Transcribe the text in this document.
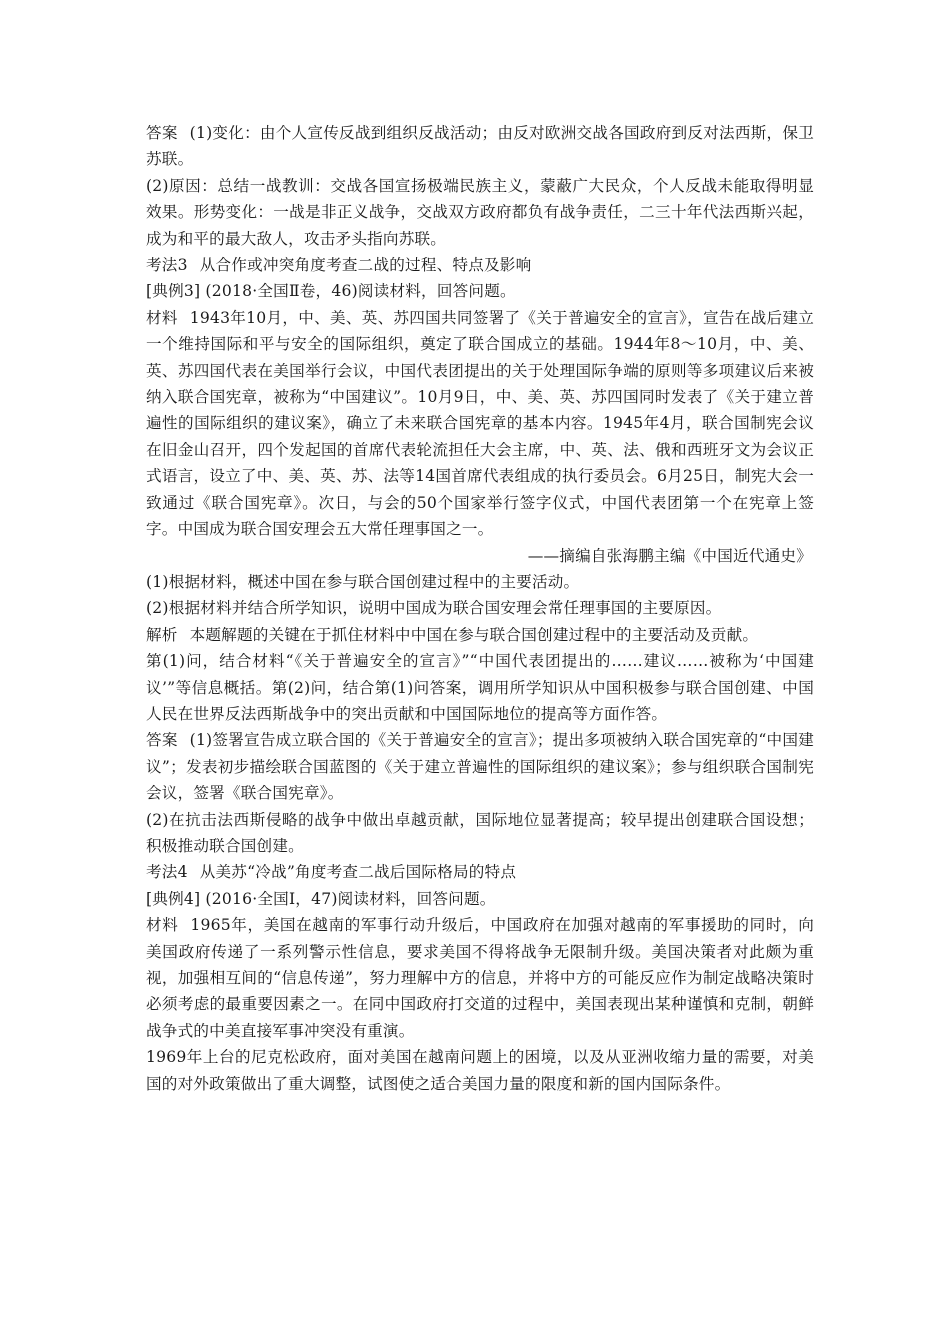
答案 (1)变化：由个人宣传反战到组织反战活动；由反对欧洲交战各国政府到反对法西斯，保卫苏联。

(2)原因：总结一战教训：交战各国宣扬极端民族主义，蒙蔽广大民众，个人反战未能取得明显效果。形势变化：一战是非正义战争，交战双方政府都负有战争责任，二三十年代法西斯兴起，成为和平的最大敌人，攻击矛头指向苏联。

考法3 从合作或冲突角度考查二战的过程、特点及影响

[典例3] (2018·全国Ⅱ卷，46)阅读材料，回答问题。

材料 1943年10月，中、美、英、苏四国共同签署了《关于普遍安全的宣言》，宣告在战后建立一个维持国际和平与安全的国际组织，奠定了联合国成立的基础。1944年8～10月，中、美、英、苏四国代表在美国举行会议，中国代表团提出的关于处理国际争端的原则等多项建议后来被纳入联合国宪章，被称为“中国建议”。10月9日，中、美、英、苏四国同时发表了《关于建立普遍性的国际组织的建议案》，确立了未来联合国宪章的基本内容。1945年4月，联合国制宪会议在旧金山召开，四个发起国的首席代表轮流担任大会主席，中、英、法、俄和西班牙文为会议正式语言，设立了中、美、英、苏、法等14国首席代表组成的执行委员会。6月25日，制宪大会一致通过《联合国宪章》。次日，与会的50个国家举行签字仪式，中国代表团第一个在宪章上签字。中国成为联合国安理会五大常任理事国之一。

——摘编自张海鹏主编《中国近代通史》

(1)根据材料，概述中国在参与联合国创建过程中的主要活动。

(2)根据材料并结合所学知识，说明中国成为联合国安理会常任理事国的主要原因。

解析 本题解题的关键在于抓住材料中中国在参与联合国创建过程中的主要活动及贡献。

第(1)问，结合材料“《关于普遍安全的宣言》”“中国代表团提出的……建议……被称为‘中国建议’”等信息概括。第(2)问，结合第(1)问答案，调用所学知识从中国积极参与联合国创建、中国人民在世界反法西斯战争中的突出贡献和中国国际地位的提高等方面作答。

答案 (1)签署宣告成立联合国的《关于普遍安全的宣言》；提出多项被纳入联合国宪章的“中国建议”；发表初步描绘联合国蓝图的《关于建立普遍性的国际组织的建议案》；参与组织联合国制宪会议，签署《联合国宪章》。

(2)在抗击法西斯侵略的战争中做出卓越贡献，国际地位显著提高；较早提出创建联合国设想；积极推动联合国创建。

考法4 从美苏“冷战”角度考查二战后国际格局的特点

[典例4] (2016·全国Ⅰ，47)阅读材料，回答问题。

材料 1965年，美国在越南的军事行动升级后，中国政府在加强对越南的军事援助的同时，向美国政府传递了一系列警示性信息，要求美国不得将战争无限制升级。美国决策者对此颇为重视，加强相互间的“信息传递”，努力理解中方的信息，并将中方的可能反应作为制定战略决策时必须考虑的最重要因素之一。在同中国政府打交道的过程中，美国表现出某种谨慎和克制，朝鲜战争式的中美直接军事冲突没有重演。

1969年上台的尼克松政府，面对美国在越南问题上的困境，以及从亚洲收缩力量的需要，对美国的对外政策做出了重大调整，试图使之适合美国力量的限度和新的国内国际条件。
